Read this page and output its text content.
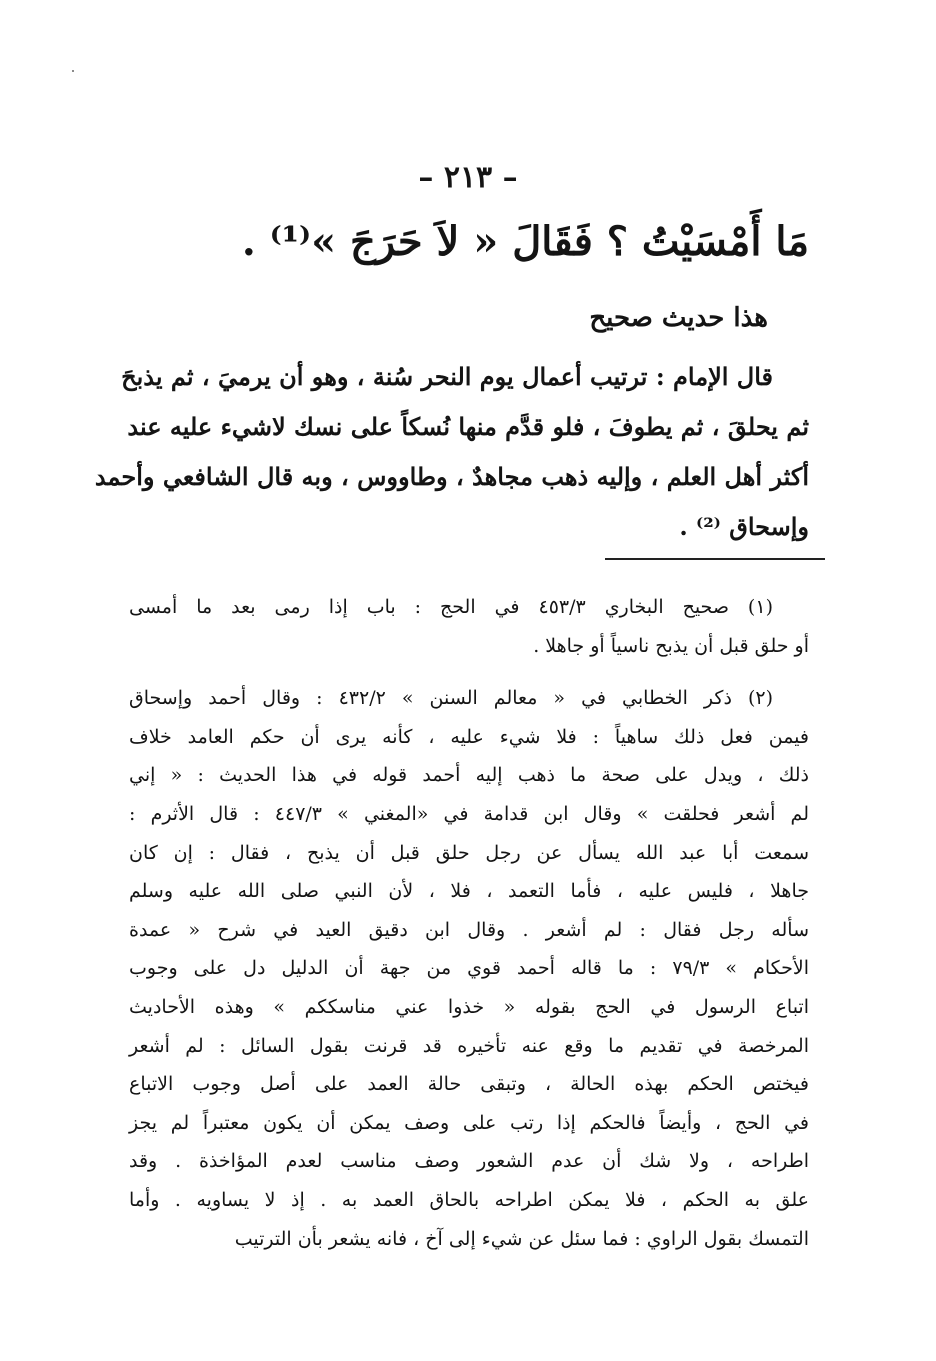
– ٢١٣ –
مَا أَمْسَيْتُ ؟ فَقَالَ « لاَ حَرَجَ »⁽¹⁾ .
هذا حديث صحيح
قال الإمام : ترتيب أعمال يوم النحر سُنة ، وهو أن يرميَ ، ثم يذبحَ
ثم يحلقَ ، ثم يطوفَ ، فلو قدَّم منها نُسكاً على نسك لاشيء عليه عند
أكثر أهل العلم ، وإليه ذهب مجاهدٌ ، وطاووس ، وبه قال الشافعي وأحمد
وإسحاق ⁽²⁾ .
(١) صحيح البخاري ٤٥٣/٣ في الحج : باب إذا رمى بعد ما أمسى
أو حلق قبل أن يذبح ناسياً أو جاهلا .
(٢) ذكر الخطابي في « معالم السنن » ٤٣٢/٢ : وقال أحمد وإسحاق
فيمن فعل ذلك ساهياً : فلا شيء عليه ، كأنه يرى أن حكم العامد خلاف
ذلك ، ويدل على صحة ما ذهب إليه أحمد قوله في هذا الحديث : « إني
لم أشعر فحلقت » وقال ابن قدامة في «المغني » ٤٤٧/٣ : قال الأثرم :
سمعت أبا عبد الله يسأل عن رجل حلق قبل أن يذبح ، فقال : إن كان
جاهلا ، فليس عليه ، فأما التعمد ، فلا ، لأن النبي صلى الله عليه وسلم
سأله رجل فقال : لم أشعر . وقال ابن دقيق العيد في شرح « عمدة
الأحكام » ٧٩/٣ : ما قاله أحمد قوي من جهة أن الدليل دل على وجوب
اتباع الرسول في الحج بقوله « خذوا عني مناسككم » وهذه الأحاديث
المرخصة في تقديم ما وقع عنه تأخيره قد قرنت بقول السائل : لم أشعر
فيختص الحكم بهذه الحالة ، وتبقى حالة العمد على أصل وجوب الاتباع
في الحج ، وأيضاً فالحكم إذا رتب على وصف يمكن أن يكون معتبراً لم يجز
اطراحه ، ولا شك أن عدم الشعور وصف مناسب لعدم المؤاخذة . وقد
علق به الحكم ، فلا يمكن اطراحه بالحاق العمد به . إذ لا يساويه . وأما
التمسك بقول الراوي : فما سئل عن شيء إلى آخ ، فانه يشعر بأن الترتيب
